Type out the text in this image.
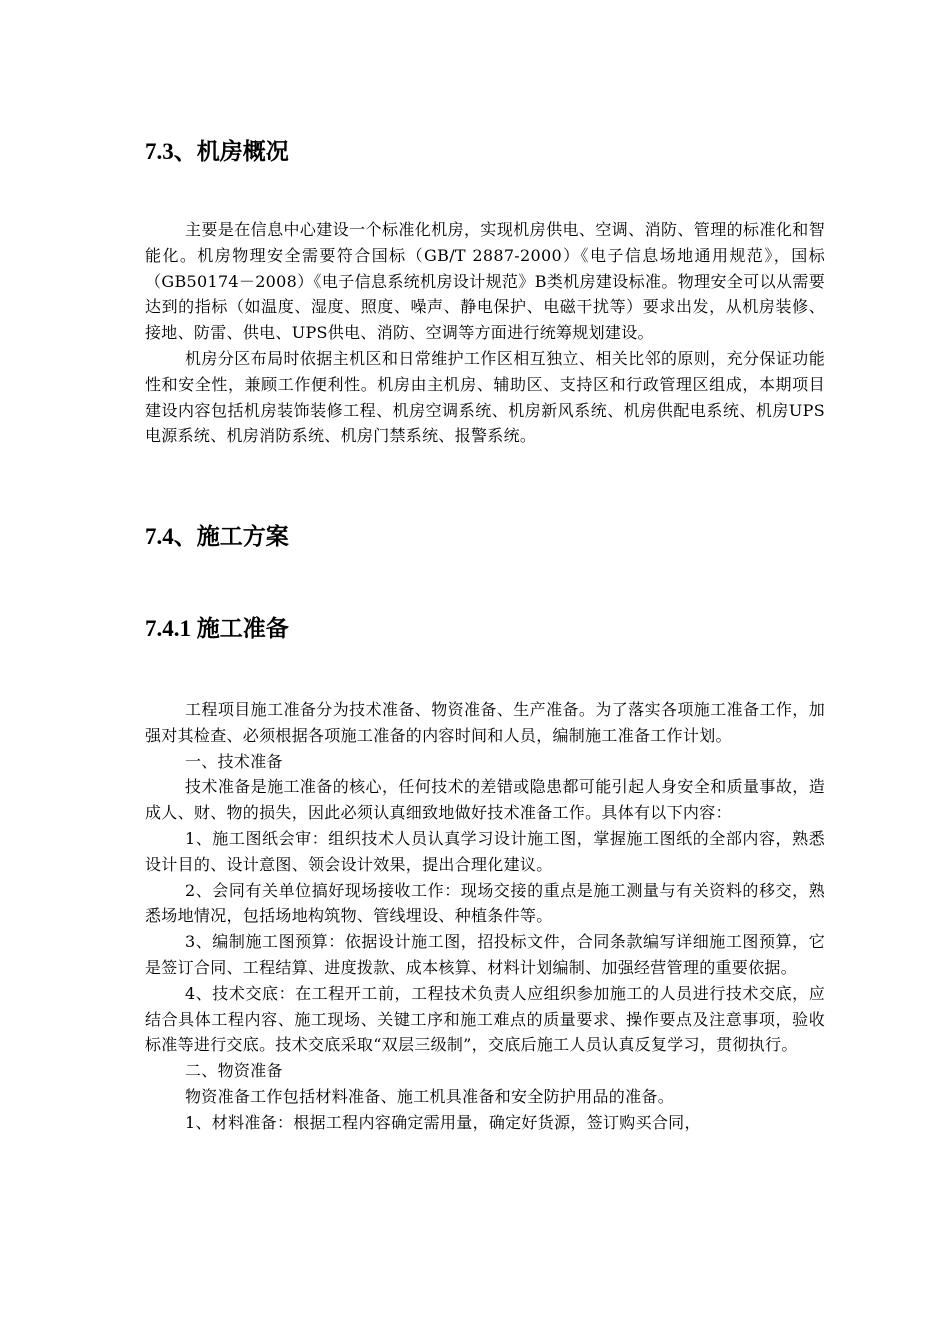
7.3、机房概况

主要是在信息中心建设一个标准化机房，实现机房供电、空调、消防、管理的标准化和智能化。机房物理安全需要符合国标（GB/T 2887-2000）《电子信息场地通用规范》，国标（GB50174－2008）《电子信息系统机房设计规范》B类机房建设标准。物理安全可以从需要达到的指标（如温度、湿度、照度、噪声、静电保护、电磁干扰等）要求出发，从机房装修、接地、防雷、供电、UPS供电、消防、空调等方面进行统筹规划建设。

机房分区布局时依据主机区和日常维护工作区相互独立、相关比邻的原则，充分保证功能性和安全性，兼顾工作便利性。机房由主机房、辅助区、支持区和行政管理区组成，本期项目建设内容包括机房装饰装修工程、机房空调系统、机房新风系统、机房供配电系统、机房UPS电源系统、机房消防系统、机房门禁系统、报警系统。

7.4、施工方案
7.4.1 施工准备

工程项目施工准备分为技术准备、物资准备、生产准备。为了落实各项施工准备工作，加强对其检查、必须根据各项施工准备的内容时间和人员，编制施工准备工作计划。

一、技术准备

技术准备是施工准备的核心，任何技术的差错或隐患都可能引起人身安全和质量事故，造成人、财、物的损失，因此必须认真细致地做好技术准备工作。具体有以下内容：

1、施工图纸会审：组织技术人员认真学习设计施工图，掌握施工图纸的全部内容，熟悉设计目的、设计意图、领会设计效果，提出合理化建议。

2、会同有关单位搞好现场接收工作：现场交接的重点是施工测量与有关资料的移交，熟悉场地情况，包括场地构筑物、管线埋设、种植条件等。

3、编制施工图预算：依据设计施工图，招投标文件，合同条款编写详细施工图预算，它是签订合同、工程结算、进度拨款、成本核算、材料计划编制、加强经营管理的重要依据。

4、技术交底：在工程开工前，工程技术负责人应组织参加施工的人员进行技术交底，应结合具体工程内容、施工现场、关键工序和施工难点的质量要求、操作要点及注意事项，验收标准等进行交底。技术交底采取“双层三级制”，交底后施工人员认真反复学习，贯彻执行。

二、物资准备

物资准备工作包括材料准备、施工机具准备和安全防护用品的准备。

1、材料准备：根据工程内容确定需用量，确定好货源，签订购买合同，
